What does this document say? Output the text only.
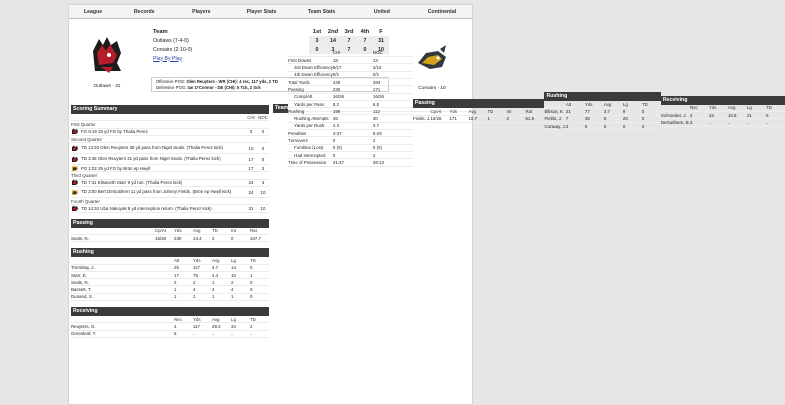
League	Records	Players	Player Stats	Team Stats	United	Continental
Outlaws - 31
Team	1st	2nd	3rd	4th	F
Outlaws (7-4-0)	3	14	7	7	31
Corsairs (2-10-0)	0	3	7	0	10
Play By Play					
Offensive POG: Olen Reuyters - WR (CHI): 4 rec, 117 yds, 2 TD
Defensive POG: Ian O'Connor - DE (CHI): 5 Tck, 2 Sck	Corsairs - 10
Scoring Summary
CHI NOC
First Quarter
FG 6:19 33 yd FG by Thalia Perez	3	0
Second Quarter
TD 13:33 Olen Reuyters 35 yd pass from Nigel Seals. (Thalia Perez kick)	10	0
TD 3:46 Olen Reuyters 31 yd pass from Nigel Seals. (Thalia Perez kick)	17	0
FG 1:02 29 yd FG by Brön ep Hwyll	17	3
Third Quarter
TD 7:41 Ellsworth Starr 9 yd run. (Thalia Perez kick)	24	3
TD 3:00 Bert DeGuithern 11 yd pass from Johnny Fields. (Brön ep Hwyll kick)	24	10
Fourth Quarter
TD 14:32 Uba Nakoyak 9 yd interception return. (Thalia Perez kick)	31	10
Passing
Cp/At	Yds	Avg	TD	Int	Rat
Seals, N.	16/28	230	14.4	2	0	107.7
Rushing
Att	Yds	Avg	Lg	TD
Tremblay, J.	25	117	4.7	14	0
Starr, E.	17	75	4.4	10	1
Seals, N.	2	2	1	2	0
Bassett, T.	1	4	4	4	0
Dunand, S.	1	1	1	1	0
Receiving
Rec	Yds	Avg	Lg	TD
Reuyters, O.	4	117	29.2	34	2
Greenleaf, T.	5	..	..	..	..
Team Stats
CHI	NOC
First Downs	18	13
3rd Down Efficiency 9/17	2/12
4th Down Efficiency 0/1	0/1
Total Yards	429	283
Passing	230	171
Comp/Att	16/28	16/26
Yards per Pass	8.2	6.6
Rushing	199	112
Rushing Attempts 46	30
Yards per Rush	4.3	3.7
Penalties	4-37	5-29
Turnovers	0	2
Fumbles (Lost)	0 (0)	0 (0)
Had Intercepted	0	2
Time of Possession	31:47	28:13
Passing
Cp/At	Yds	Avg	TD	Int	Rat
Fields, J. 16/26	171	10.7	1	2	61.5
Rushing
Att	Yds	Avg	Lg	TD
Ellison, K. 21	77	3.7	9	0
Fields, J. 7	35	5	20	0
Conway, J. 2	0	0	0	0
Receiving
Rec	Yds	Avg	Lg	TD
Schroeder, J. 4	43	10.8	21	0
DeGuithern, B. 3	..	..	..	..
